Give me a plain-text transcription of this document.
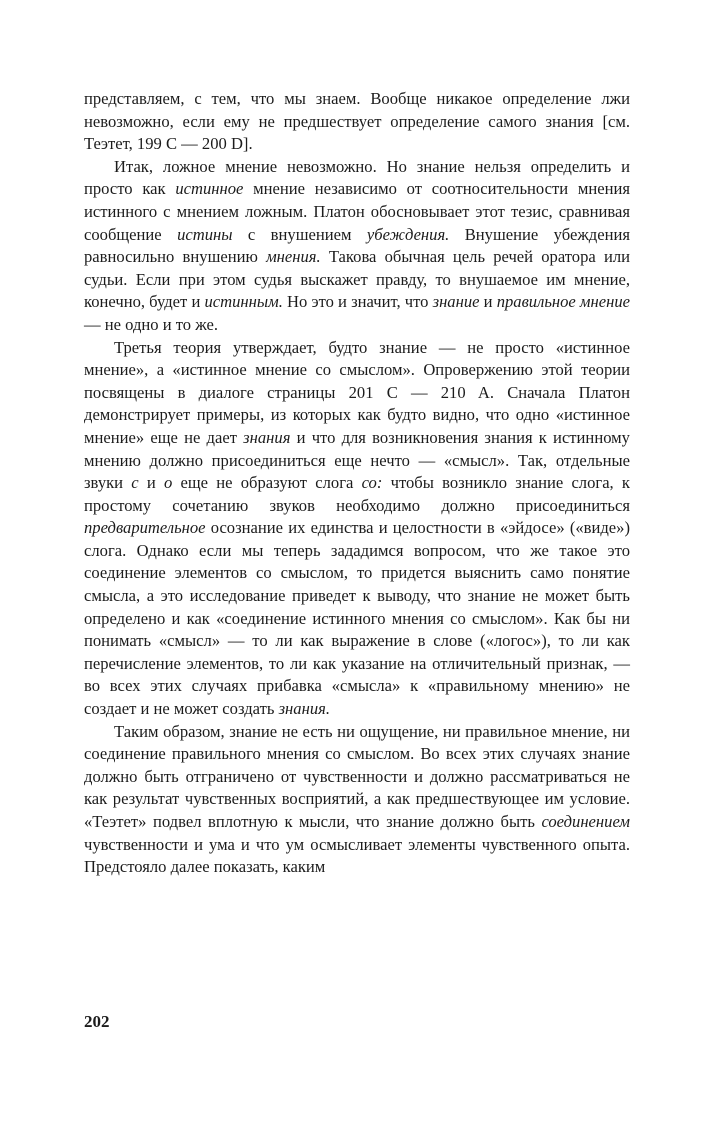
представляем, с тем, что мы знаем. Вообще никакое определение лжи невозможно, если ему не предшествует определение самого знания [см. Теэтет, 199 C — 200 D].

Итак, ложное мнение невозможно. Но знание нельзя определить и просто как истинное мнение независимо от соотносительности мнения истинного с мнением ложным. Платон обосновывает этот тезис, сравнивая сообщение истины с внушением убеждения. Внушение убеждения равносильно внушению мнения. Такова обычная цель речей оратора или судьи. Если при этом судья выскажет правду, то внушаемое им мнение, конечно, будет и истинным. Но это и значит, что знание и правильное мнение — не одно и то же.

Третья теория утверждает, будто знание — не просто «истинное мнение», а «истинное мнение со смыслом». Опровержению этой теории посвящены в диалоге страницы 201 C — 210 A. Сначала Платон демонстрирует примеры, из которых как будто видно, что одно «истинное мнение» еще не дает знания и что для возникновения знания к истинному мнению должно присоединиться еще нечто — «смысл». Так, отдельные звуки с и о еще не образуют слога со: чтобы возникло знание слога, к простому сочетанию звуков необходимо должно присоединиться предварительное осознание их единства и целостности в «эйдосе» («виде») слога. Однако если мы теперь зададимся вопросом, что же такое это соединение элементов со смыслом, то придется выяснить само понятие смысла, а это исследование приведет к выводу, что знание не может быть определено и как «соединение истинного мнения со смыслом». Как бы ни понимать «смысл» — то ли как выражение в слове («логос»), то ли как перечисление элементов, то ли как указание на отличительный признак, — во всех этих случаях прибавка «смысла» к «правильному мнению» не создает и не может создать знания.

Таким образом, знание не есть ни ощущение, ни правильное мнение, ни соединение правильного мнения со смыслом. Во всех этих случаях знание должно быть отграничено от чувственности и должно рассматриваться не как результат чувственных восприятий, а как предшествующее им условие. «Теэтет» подвел вплотную к мысли, что знание должно быть соединением чувственности и ума и что ум осмысливает элементы чувственного опыта. Предстояло далее показать, каким

202
